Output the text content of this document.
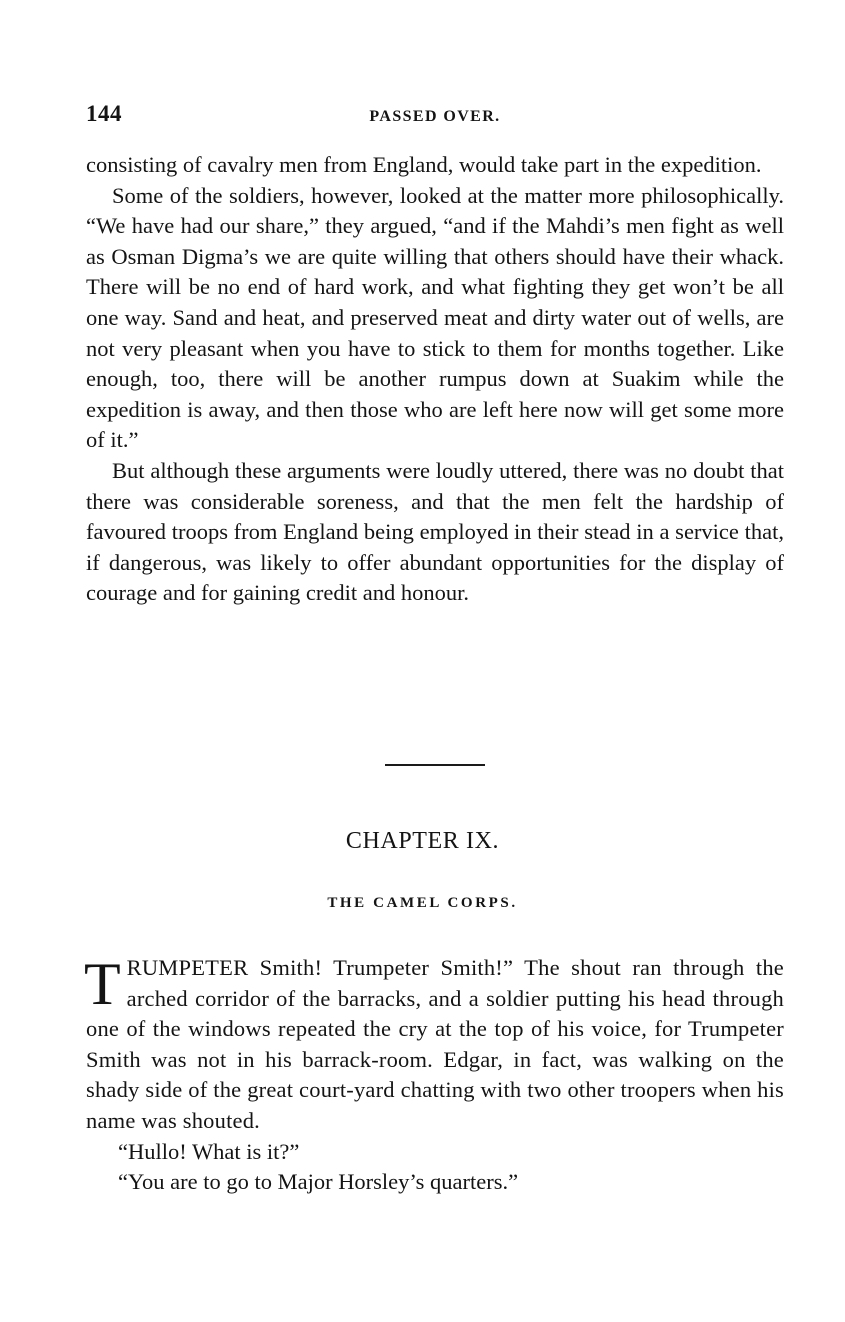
144	PASSED OVER.

consisting of cavalry men from England, would take part in the expedition.

Some of the soldiers, however, looked at the matter more philosophically. “We have had our share,” they argued, “and if the Mahdi’s men fight as well as Osman Digma’s we are quite willing that others should have their whack. There will be no end of hard work, and what fighting they get won’t be all one way. Sand and heat, and preserved meat and dirty water out of wells, are not very pleasant when you have to stick to them for months together. Like enough, too, there will be another rumpus down at Suakim while the expedition is away, and then those who are left here now will get some more of it.”

But although these arguments were loudly uttered, there was no doubt that there was considerable soreness, and that the men felt the hardship of favoured troops from England being employed in their stead in a service that, if dangerous, was likely to offer abundant opportunities for the display of courage and for gaining credit and honour.

CHAPTER IX.
THE CAMEL CORPS.

TRUMPETER Smith! Trumpeter Smith!” The shout ran through the arched corridor of the barracks, and a soldier putting his head through one of the windows repeated the cry at the top of his voice, for Trumpeter Smith was not in his barrack-room. Edgar, in fact, was walking on the shady side of the great court-yard chatting with two other troopers when his name was shouted.

“Hullo! What is it?”

“You are to go to Major Horsley’s quarters.”
